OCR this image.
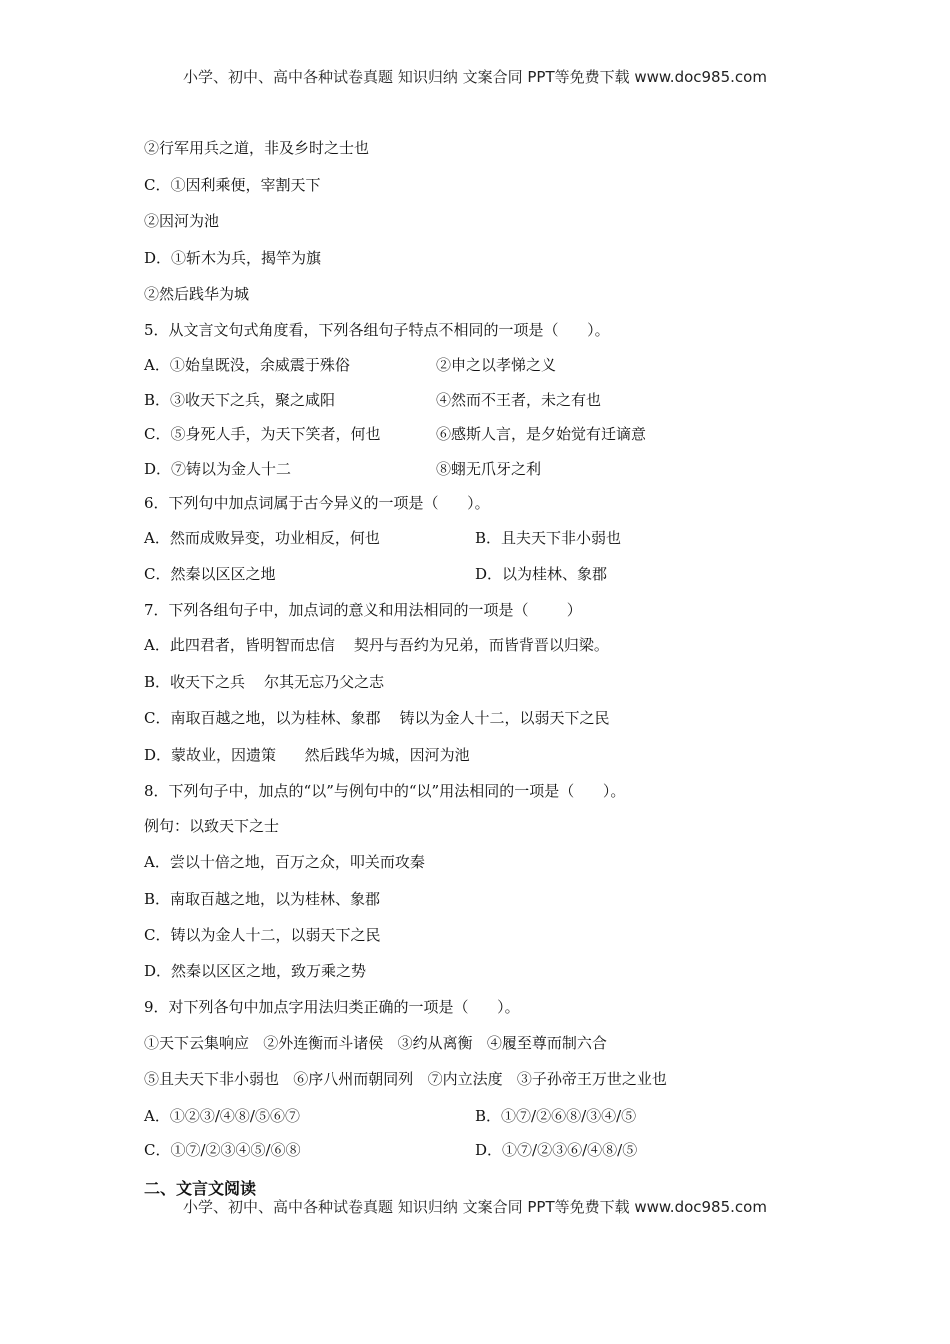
小学、初中、高中各种试卷真题 知识归纳 文案合同 PPT等免费下载 www.doc985.com
②行军用兵之道，非及乡时之士也
C．①因利乘便，宰割天下
②因河为池
D．①斩木为兵，揭竿为旗
②然后践华为城
5．从文言文句式角度看，下列各组句子特点不相同的一项是（      ）。
A．①始皇既没，余威震于殊俗	②申之以孝悌之义
B．③收天下之兵，聚之咸阳	④然而不王者，未之有也
C．⑤身死人手，为天下笑者，何也	⑥感斯人言，是夕始觉有迁谪意
D．⑦铸以为金人十二	⑧蛡无爪牙之利
6．下列句中加点词属于古今异义的一项是（      ）。
A．然而成败异变，功业相反，何也	B．且夫天下非小弱也
C．然秦以区区之地	D．以为桂林、象郡
7．下列各组句子中，加点词的意义和用法相同的一项是（        ）
A．此四君者，皆明智而忠信    契丹与吾约为兄弟，而皆背晋以归梁。
B．收天下之兵    尔其无忘乃父之志
C．南取百越之地，以为桂林、象郡    铸以为金人十二，以弱天下之民
D．蒙故业，因遗策      然后践华为城，因河为池
8．下列句子中，加点的“以”与例句中的“以”用法相同的一项是（      ）。
例句：以致天下之士
A．尝以十倍之地，百万之众，叩关而攻秦
B．南取百越之地，以为桂林、象郡
C．铸以为金人十二，以弱天下之民
D．然秦以区区之地，致万乘之势
9．对下列各句中加点字用法归类正确的一项是（      ）。
①天下云集响应   ②外连衡而斗诸侯   ③约从离衡   ④履至尊而制六合
⑤且夫天下非小弱也   ⑥序八州而朝同列   ⑦内立法度   ③子孙帝王万世之业也
A．①②③/④⑧/⑤⑥⑦	B．①⑦/②⑥⑧/③④/⑤
C．①⑦/②③④⑤/⑥⑧	D．①⑦/②③⑥/④⑧/⑤
二、文言文阅读
小学、初中、高中各种试卷真题 知识归纳 文案合同 PPT等免费下载 www.doc985.com
